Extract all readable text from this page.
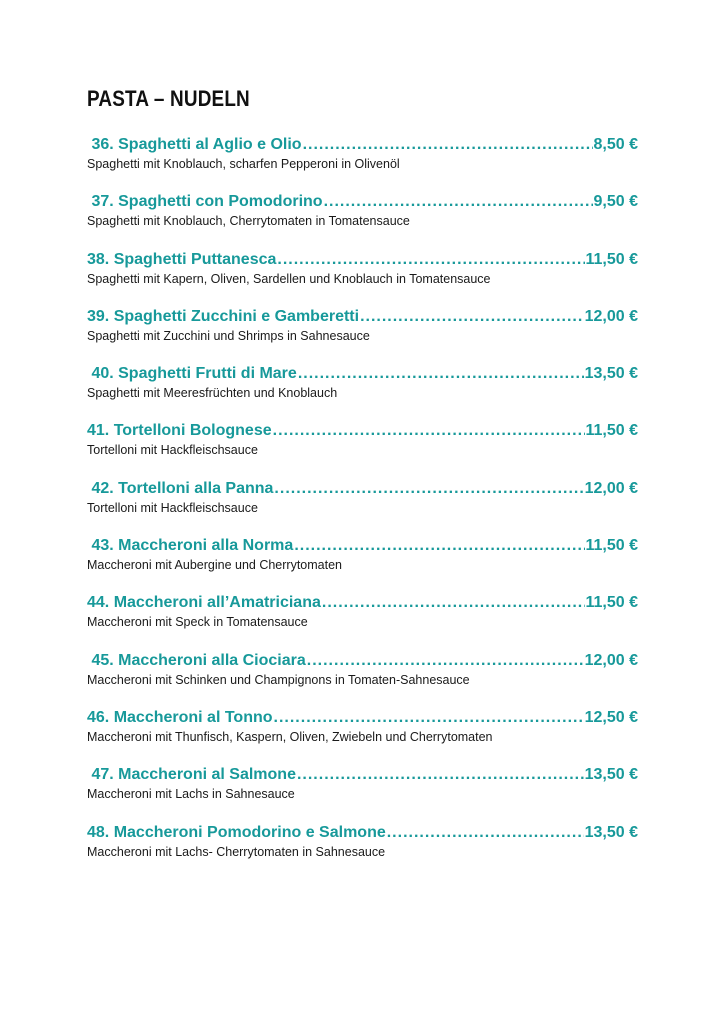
PASTA – NUDELN
36. Spaghetti al Aglio e Olio .....	8,50 €
Spaghetti mit Knoblauch, scharfen Pepperoni in Olivenöl
37. Spaghetti con Pomodorino .....	9,50 €
Spaghetti mit Knoblauch, Cherrytomaten in Tomatensauce
38. Spaghetti Puttanesca .....	11,50 €
Spaghetti mit Kapern, Oliven, Sardellen und Knoblauch in Tomatensauce
39. Spaghetti Zucchini e Gamberetti .....	12,00 €
Spaghetti mit Zucchini und Shrimps in Sahnesauce
40. Spaghetti Frutti di Mare .....	13,50 €
Spaghetti mit Meeresfrüchten und Knoblauch
41. Tortelloni Bolognese .....	11,50 €
Tortelloni mit Hackfleischsauce
42. Tortelloni alla Panna .....	12,00 €
Tortelloni mit Hackfleischsauce
43. Maccheroni alla Norma .....	11,50 €
Maccheroni mit Aubergine und Cherrytomaten
44. Maccheroni all’Amatriciana .....	11,50 €
Maccheroni mit Speck in Tomatensauce
45. Maccheroni alla Ciociara .....	12,00 €
Maccheroni mit Schinken und Champignons in Tomaten-Sahnesauce
46. Maccheroni al Tonno .....	12,50 €
Maccheroni mit Thunfisch, Kaspern, Oliven, Zwiebeln und Cherrytomaten
47. Maccheroni al Salmone .....	13,50 €
Maccheroni mit Lachs in Sahnesauce
48. Maccheroni Pomodorino e Salmone .....	13,50 €
Maccheroni mit Lachs- Cherrytomaten in Sahnesauce
